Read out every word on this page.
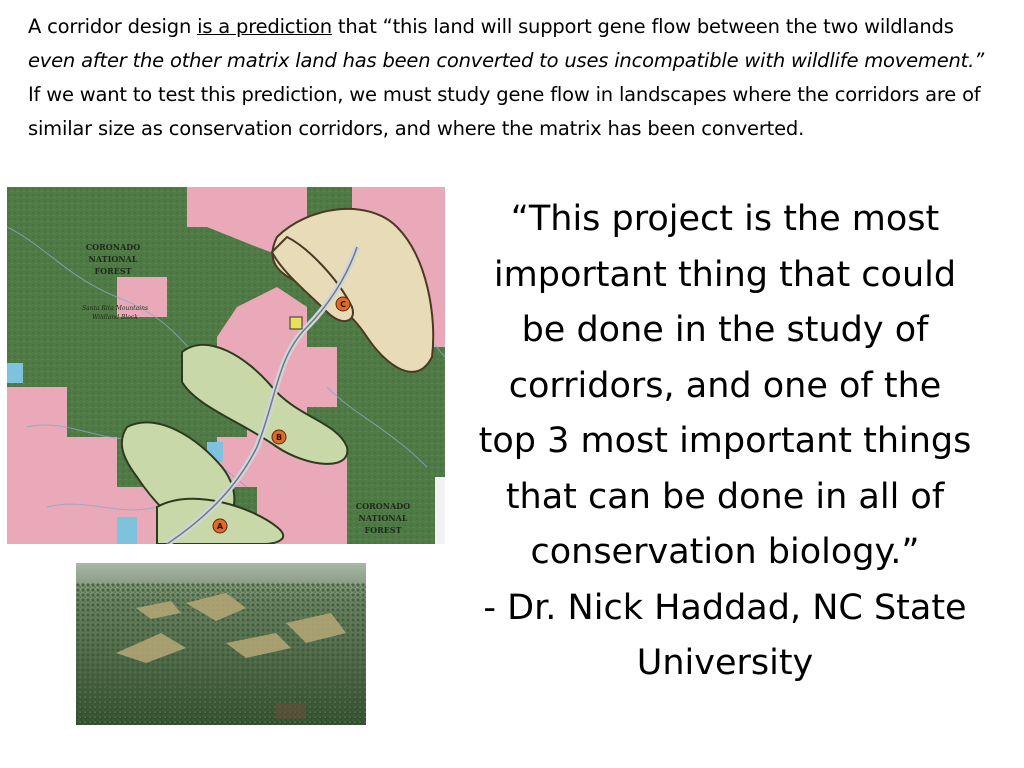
A corridor design is a prediction that “this land will support gene flow between the two wildlands even after the other matrix land has been converted to uses incompatible with wildlife movement.” If we want to test this prediction, we must study gene flow in landscapes where the corridors are of similar size as conservation corridors, and where the matrix has been converted.

C
B
A
CORONADO
NATIONAL
FOREST
Santa Rita Mountains
Wildland Block
CORONADO
NATIONAL
FOREST

“This project is the most
important thing that could
be done in the study of
corridors, and one of the
top 3 most important things
that can be done in all of
conservation biology.”
- Dr. Nick Haddad, NC State
University
